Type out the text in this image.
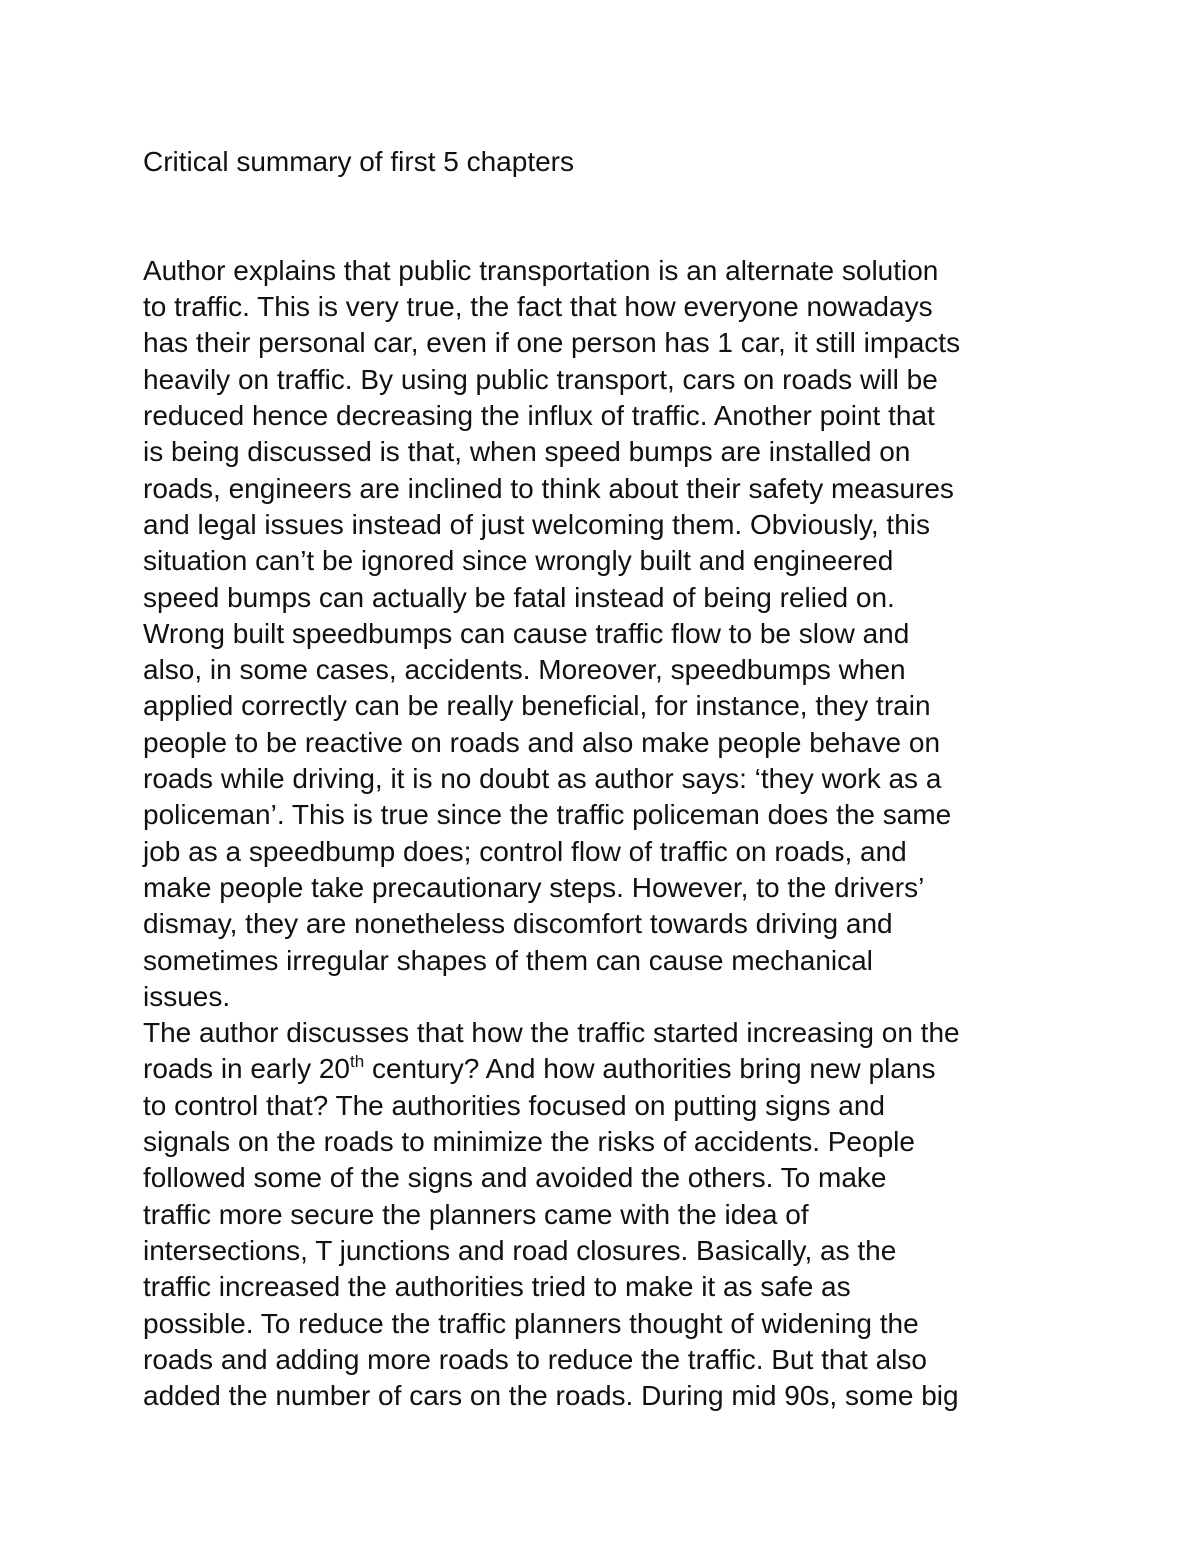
Critical summary of first 5 chapters
Author explains that public transportation is an alternate solution
to traffic. This is very true, the fact that how everyone nowadays
has their personal car, even if one person has 1 car, it still impacts
heavily on traffic. By using public transport, cars on roads will be
reduced hence decreasing the influx of traffic. Another point that
is being discussed is that, when speed bumps are installed on
roads, engineers are inclined to think about their safety measures
and legal issues instead of just welcoming them. Obviously, this
situation can’t be ignored since wrongly built and engineered
speed bumps can actually be fatal instead of being relied on.
Wrong built speedbumps can cause traffic flow to be slow and
also, in some cases, accidents. Moreover, speedbumps when
applied correctly can be really beneficial, for instance, they train
people to be reactive on roads and also make people behave on
roads while driving, it is no doubt as author says: ‘they work as a
policeman’. This is true since the traffic policeman does the same
job as a speedbump does; control flow of traffic on roads, and
make people take precautionary steps. However, to the drivers’
dismay, they are nonetheless discomfort towards driving and
sometimes irregular shapes of them can cause mechanical
issues.
The author discusses that how the traffic started increasing on the
roads in early 20th century? And how authorities bring new plans
to control that? The authorities focused on putting signs and
signals on the roads to minimize the risks of accidents. People
followed some of the signs and avoided the others. To make
traffic more secure the planners came with the idea of
intersections, T junctions and road closures. Basically, as the
traffic increased the authorities tried to make it as safe as
possible. To reduce the traffic planners thought of widening the
roads and adding more roads to reduce the traffic. But that also
added the number of cars on the roads. During mid 90s, some big
